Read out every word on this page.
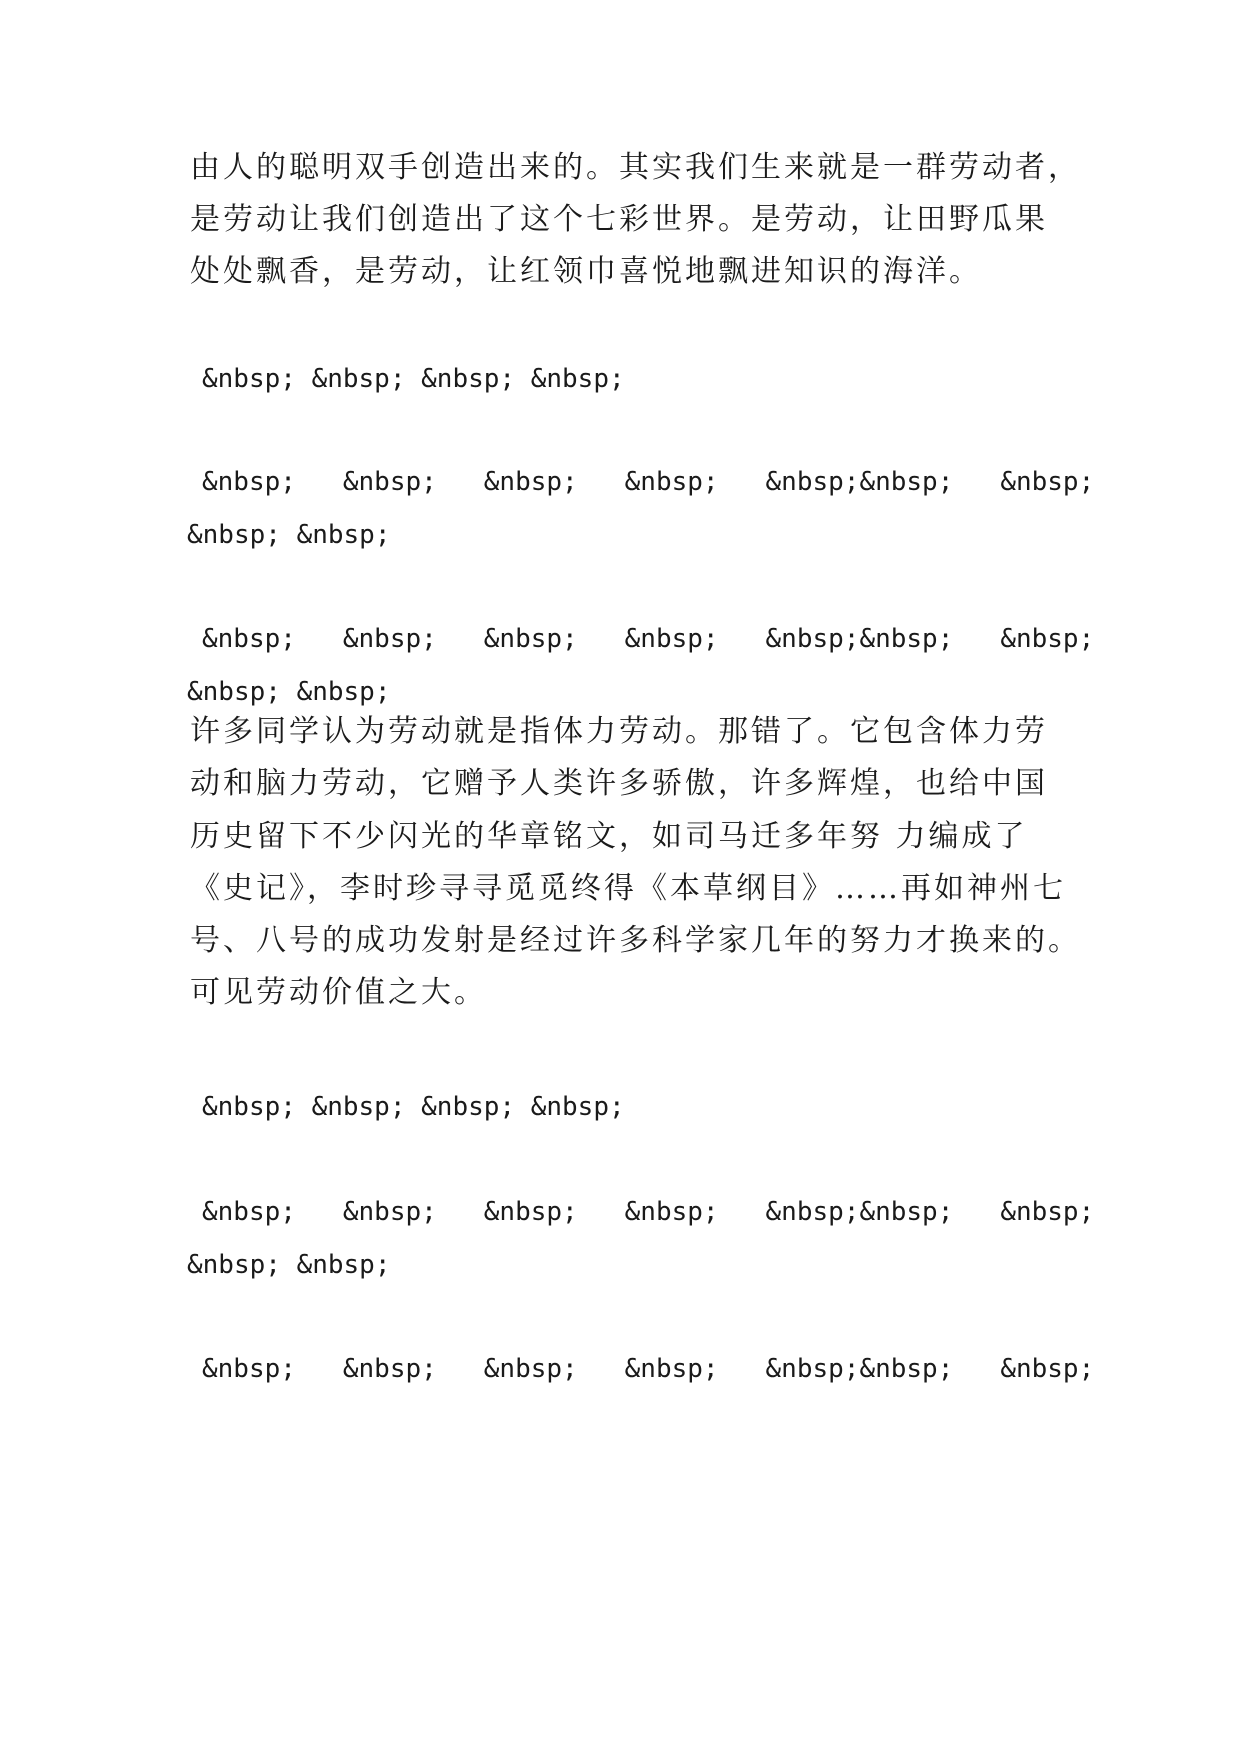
由人的聪明双手创造出来的。其实我们生来就是一群劳动者，
是劳动让我们创造出了这个七彩世界。是劳动，让田野瓜果
处处飘香，是劳动，让红领巾喜悦地飘进知识的海洋。
&nbsp; &nbsp; &nbsp; &nbsp;
&nbsp;   &nbsp;   &nbsp;   &nbsp;   &nbsp;&nbsp;   &nbsp;
&nbsp; &nbsp;
&nbsp;   &nbsp;   &nbsp;   &nbsp;   &nbsp;&nbsp;   &nbsp;
&nbsp; &nbsp;
许多同学认为劳动就是指体力劳动。那错了。它包含体力劳
动和脑力劳动，它赠予人类许多骄傲，许多辉煌，也给中国
历史留下不少闪光的华章铭文，如司马迁多年努 力编成了
《史记》，李时珍寻寻觅觅终得《本草纲目》……再如神州七
号、八号的成功发射是经过许多科学家几年的努力才换来的。
可见劳动价值之大。
&nbsp; &nbsp; &nbsp; &nbsp;
&nbsp;   &nbsp;   &nbsp;   &nbsp;   &nbsp;&nbsp;   &nbsp;
&nbsp; &nbsp;
&nbsp;   &nbsp;   &nbsp;   &nbsp;   &nbsp;&nbsp;   &nbsp;
